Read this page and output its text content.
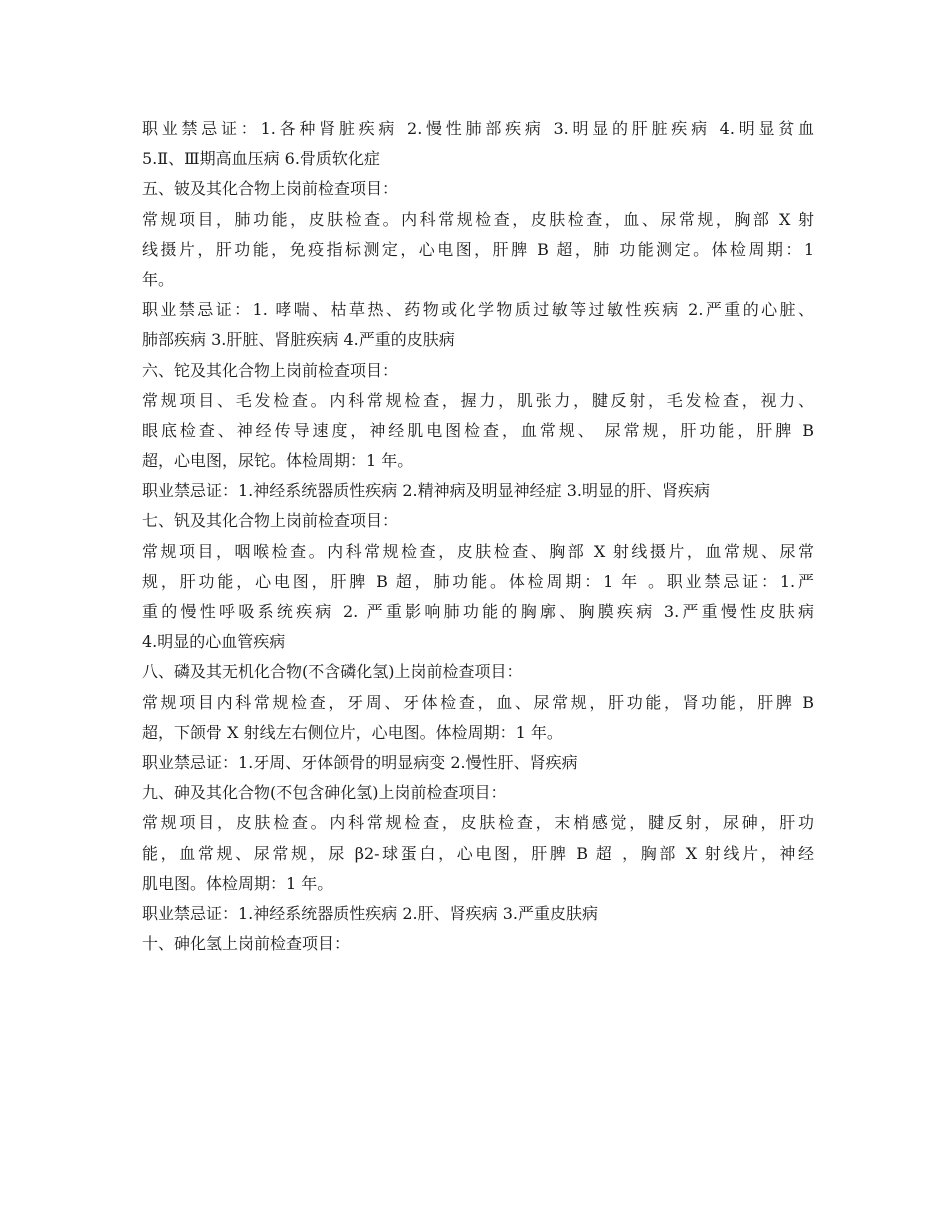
职业禁忌证：1.各种肾脏疾病 2.慢性肺部疾病 3.明显的肝脏疾病 4.明显贫血
5.Ⅱ、Ⅲ期高血压病 6.骨质软化症
五、铍及其化合物上岗前检查项目：
常规项目，肺功能，皮肤检查。内科常规检查，皮肤检查，血、尿常规，胸部 X 射
线摄片，肝功能，免疫指标测定，心电图，肝脾 B 超，肺 功能测定。体检周期：1
年。
职业禁忌证：1. 哮喘、枯草热、药物或化学物质过敏等过敏性疾病 2.严重的心脏、
肺部疾病 3.肝脏、肾脏疾病 4.严重的皮肤病
六、铊及其化合物上岗前检查项目：
常规项目、毛发检查。内科常规检查，握力，肌张力，腱反射，毛发检查，视力、
眼底检查、神经传导速度，神经肌电图检查，血常规、 尿常规，肝功能，肝脾 B
超，心电图，尿铊。体检周期：1 年。
职业禁忌证：1.神经系统器质性疾病 2.精神病及明显神经症 3.明显的肝、肾疾病
七、钒及其化合物上岗前检查项目：
常规项目，咽喉检查。内科常规检查，皮肤检查、胸部 X 射线摄片，血常规、尿常
规，肝功能，心电图，肝脾 B 超，肺功能。体检周期：1 年 。职业禁忌证：1.严
重的慢性呼吸系统疾病 2. 严重影响肺功能的胸廓、胸膜疾病 3.严重慢性皮肤病
4.明显的心血管疾病
八、磷及其无机化合物(不含磷化氢)上岗前检查项目：
常规项目内科常规检查，牙周、牙体检查，血、尿常规，肝功能，肾功能，肝脾 B
超，下颌骨 X 射线左右侧位片，心电图。体检周期：1 年。
职业禁忌证：1.牙周、牙体颌骨的明显病变 2.慢性肝、肾疾病
九、砷及其化合物(不包含砷化氢)上岗前检查项目：
常规项目，皮肤检查。内科常规检查，皮肤检查，末梢感觉，腱反射，尿砷，肝功
能，血常规、尿常规，尿 β2-球蛋白，心电图，肝脾 B 超 ，胸部 X 射线片，神经
肌电图。体检周期：1 年。
职业禁忌证：1.神经系统器质性疾病 2.肝、肾疾病 3.严重皮肤病
十、砷化氢上岗前检查项目：
